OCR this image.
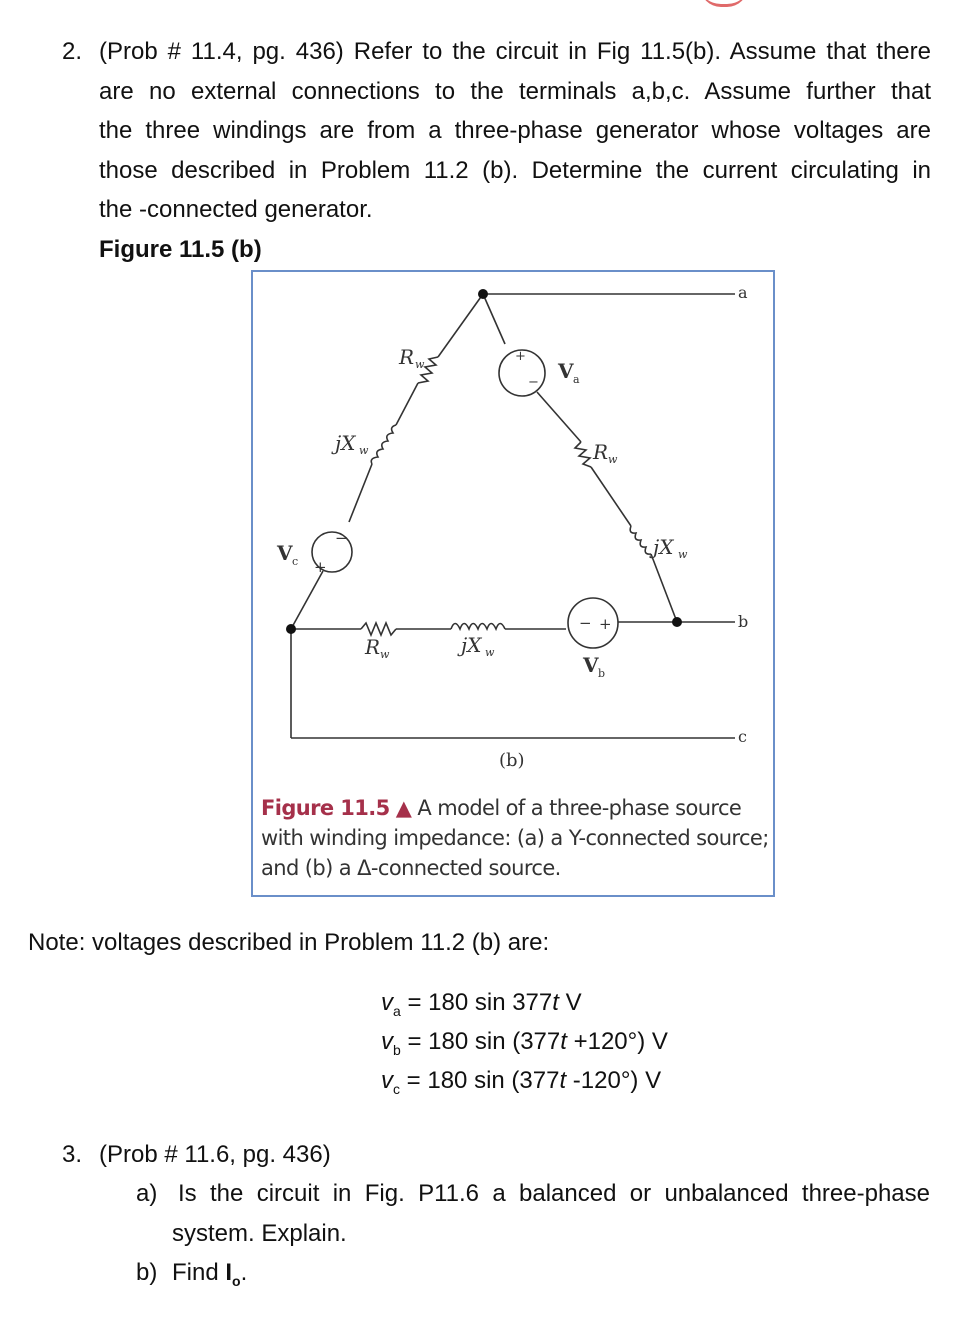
2. (Prob # 11.4, pg. 436) Refer to the circuit in Fig 11.5(b). Assume that there
are no external connections to the terminals a,b,c. Assume further that
the three windings are from a three-phase generator whose voltages are
those described in Problem 11.2 (b). Determine the current circulating in
the -connected generator.
Figure 11.5 (b)
a
b
c
R w
jX w	R w
jX w
R w	jX w
V a
V b
V c
+
−
+
−
+
−
(b)
Figure 11.5 ▲ A model of a three-phase source
with winding impedance: (a) a Y-connected source;
and (b) a Δ-connected source.
Note: voltages described in Problem 11.2 (b) are:
$v_a = 180$ sin 377t V
$v_b = 180$ sin (377t +120°) V
$v_c = 180$ sin (377t -120°) V
3. (Prob # 11.6, pg. 436)
a) Is the circuit in Fig. P11.6 a balanced or unbalanced three-phase
system. Explain.
b) Find $I_o$.
